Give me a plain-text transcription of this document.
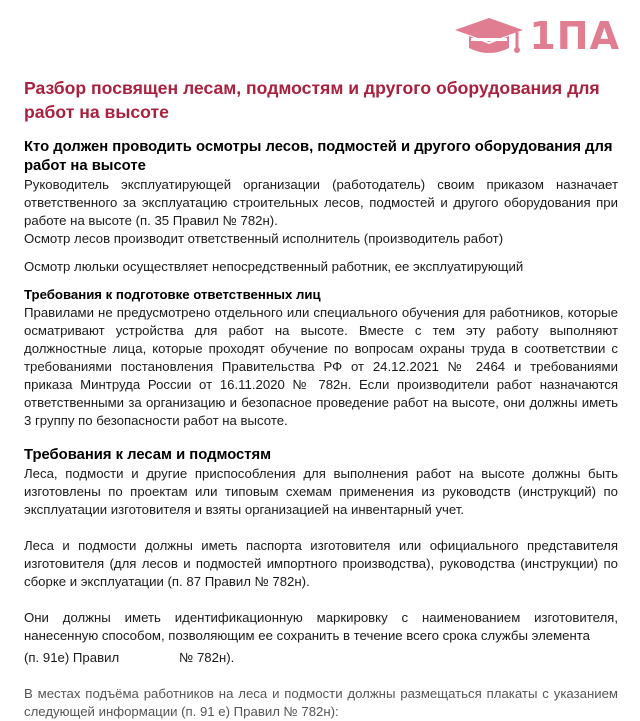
1ПА
Разбор посвящен лесам, подмостям и другого оборудования для работ на высоте
Кто должен проводить осмотры лесов, подмостей и другого оборудования для работ на высоте

Руководитель эксплуатирующей организации (работодатель) своим приказом назначает ответственного за эксплуатацию строительных лесов, подмостей и другого оборудования при работе на высоте (п. 35 Правил № 782н).

Осмотр лесов производит ответственный исполнитель (производитель работ)

Осмотр люльки осуществляет непосредственный работник, ее эксплуатирующий

Требования к подготовке ответственных лиц

Правилами не предусмотрено отдельного или специального обучения для работников, которые осматривают устройства для работ на высоте. Вместе с тем эту работу выполняют должностные лица, которые проходят обучение по вопросам охраны труда в соответствии с требованиями постановления Правительства РФ от 24.12.2021 № 2464 и требованиями приказа Минтруда России от 16.11.2020 № 782н. Если производители работ назначаются ответственными за организацию и безопасное проведение работ на высоте, они должны иметь 3 группу по безопасности работ на высоте.

Требования к лесам и подмостям

Леса, подмости и другие приспособления для выполнения работ на высоте должны быть изготовлены по проектам или типовым схемам применения из руководств (инструкций) по эксплуатации изготовителя и взяты организацией на инвентарный учет.

Леса и подмости должны иметь паспорта изготовителя или официального представителя изготовителя (для лесов и подмостей импортного производства), руководства (инструкции) по сборке и эксплуатации (п. 87 Правил № 782н).

Они должны иметь идентификационную маркировку с наименованием изготовителя, нанесенную способом, позволяющим ее сохранить в течение всего срока службы элемента

(п. 91е) Правил	№ 782н).

В местах подъёма работников на леса и подмости должны размещаться плакаты с указанием следующей информации (п. 91 е) Правил № 782н):
